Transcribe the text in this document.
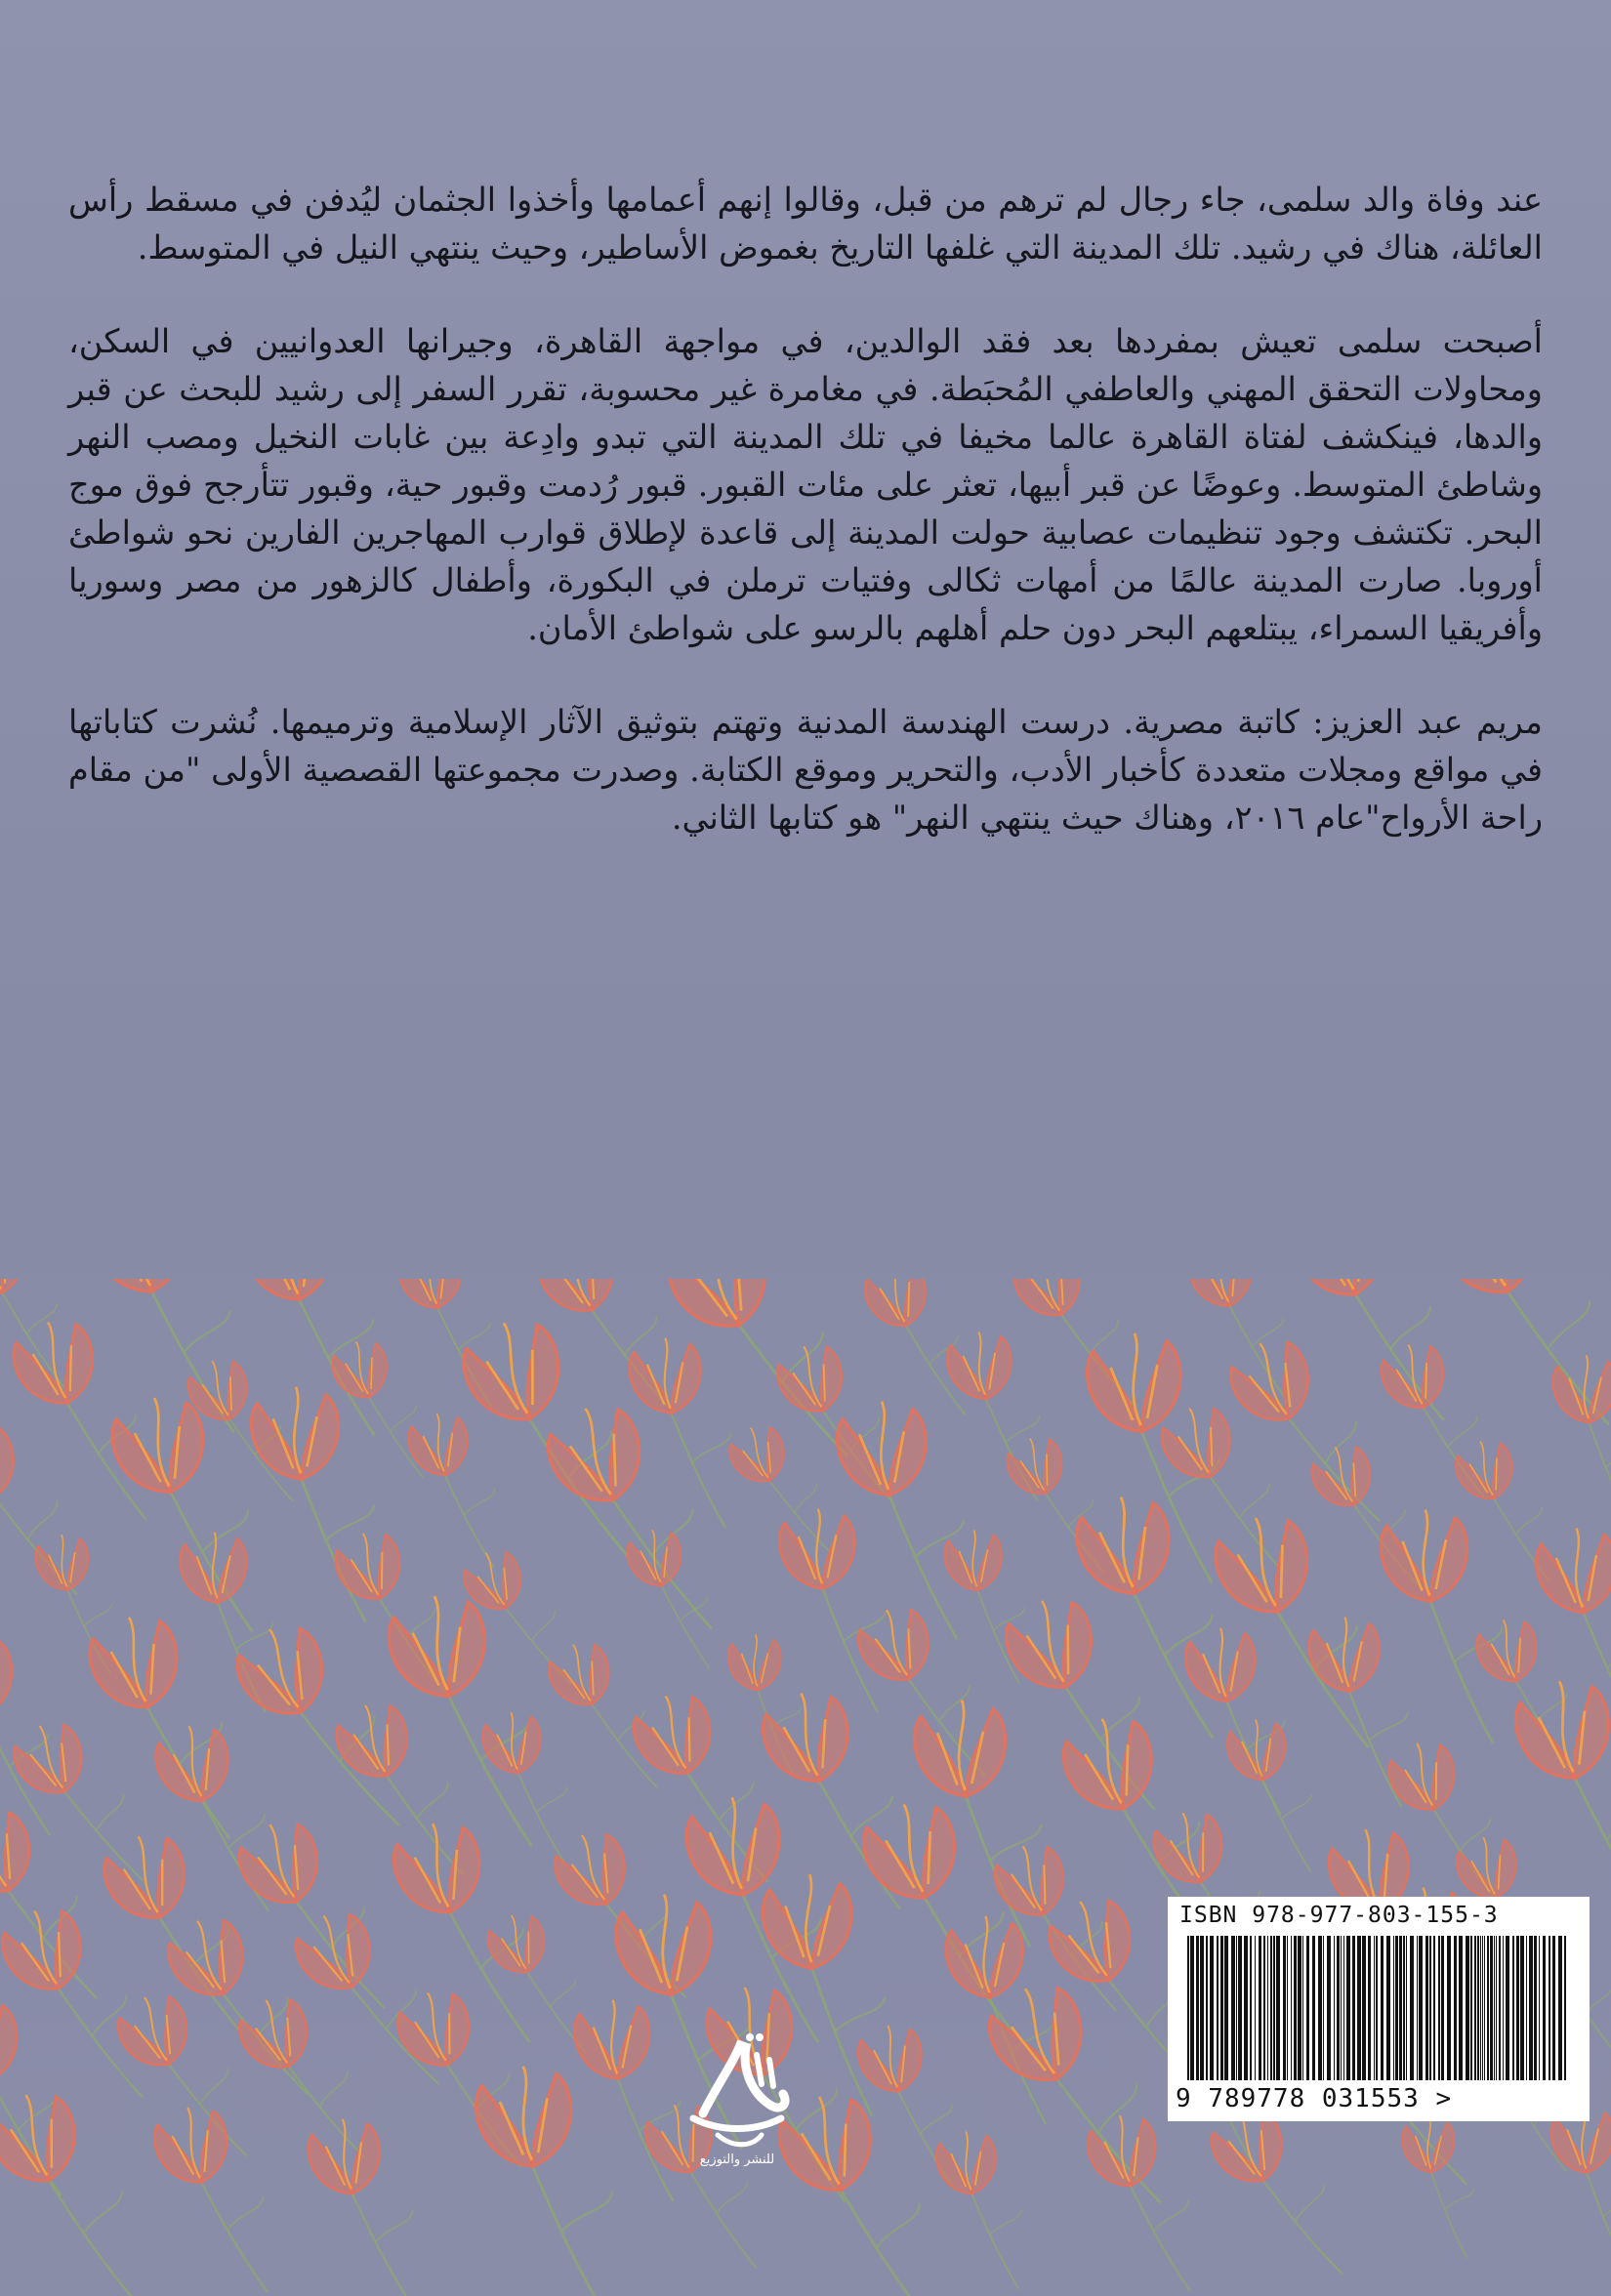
عند وفاة والد سلمى، جاء رجال لم ترهم من قبل، وقالوا إنهم أعمامها وأخذوا الجثمان ليُدفن في مسقط رأس العائلة، هناك في رشيد. تلك المدينة التي غلفها التاريخ بغموض الأساطير، وحيث ينتهي النيل في المتوسط.

أصبحت سلمى تعيش بمفردها بعد فقد الوالدين، في مواجهة القاهرة، وجيرانها العدوانيين في السكن، ومحاولات التحقق المهني والعاطفي المُحبَطة. في مغامرة غير محسوبة، تقرر السفر إلى رشيد للبحث عن قبر والدها، فينكشف لفتاة القاهرة عالما مخيفا في تلك المدينة التي تبدو وادِعة بين غابات النخيل ومصب النهر وشاطئ المتوسط. وعوضًا عن قبر أبيها، تعثر على مئات القبور. قبور رُدمت وقبور حية، وقبور تتأرجح فوق موج البحر. تكتشف وجود تنظيمات عصابية حولت المدينة إلى قاعدة لإطلاق قوارب المهاجرين الفارين نحو شواطئ أوروبا. صارت المدينة عالمًا من أمهات ثكالى وفتيات ترملن في البكورة، وأطفال كالزهور من مصر وسوريا وأفريقيا السمراء، يبتلعهم البحر دون حلم أهلهم بالرسو على شواطئ الأمان.

مريم عبد العزيز: كاتبة مصرية. درست الهندسة المدنية وتهتم بتوثيق الآثار الإسلامية وترميمها. نُشرت كتاباتها في مواقع ومجلات متعددة كأخبار الأدب، والتحرير وموقع الكتابة. وصدرت مجموعتها القصصية الأولى "من مقام راحة الأرواح"عام ٢٠١٦، وهناك حيث ينتهي النهر" هو كتابها الثاني.

للنشر والتوزيع
ISBN 978-977-803-155-3
9 789778 031553 >
